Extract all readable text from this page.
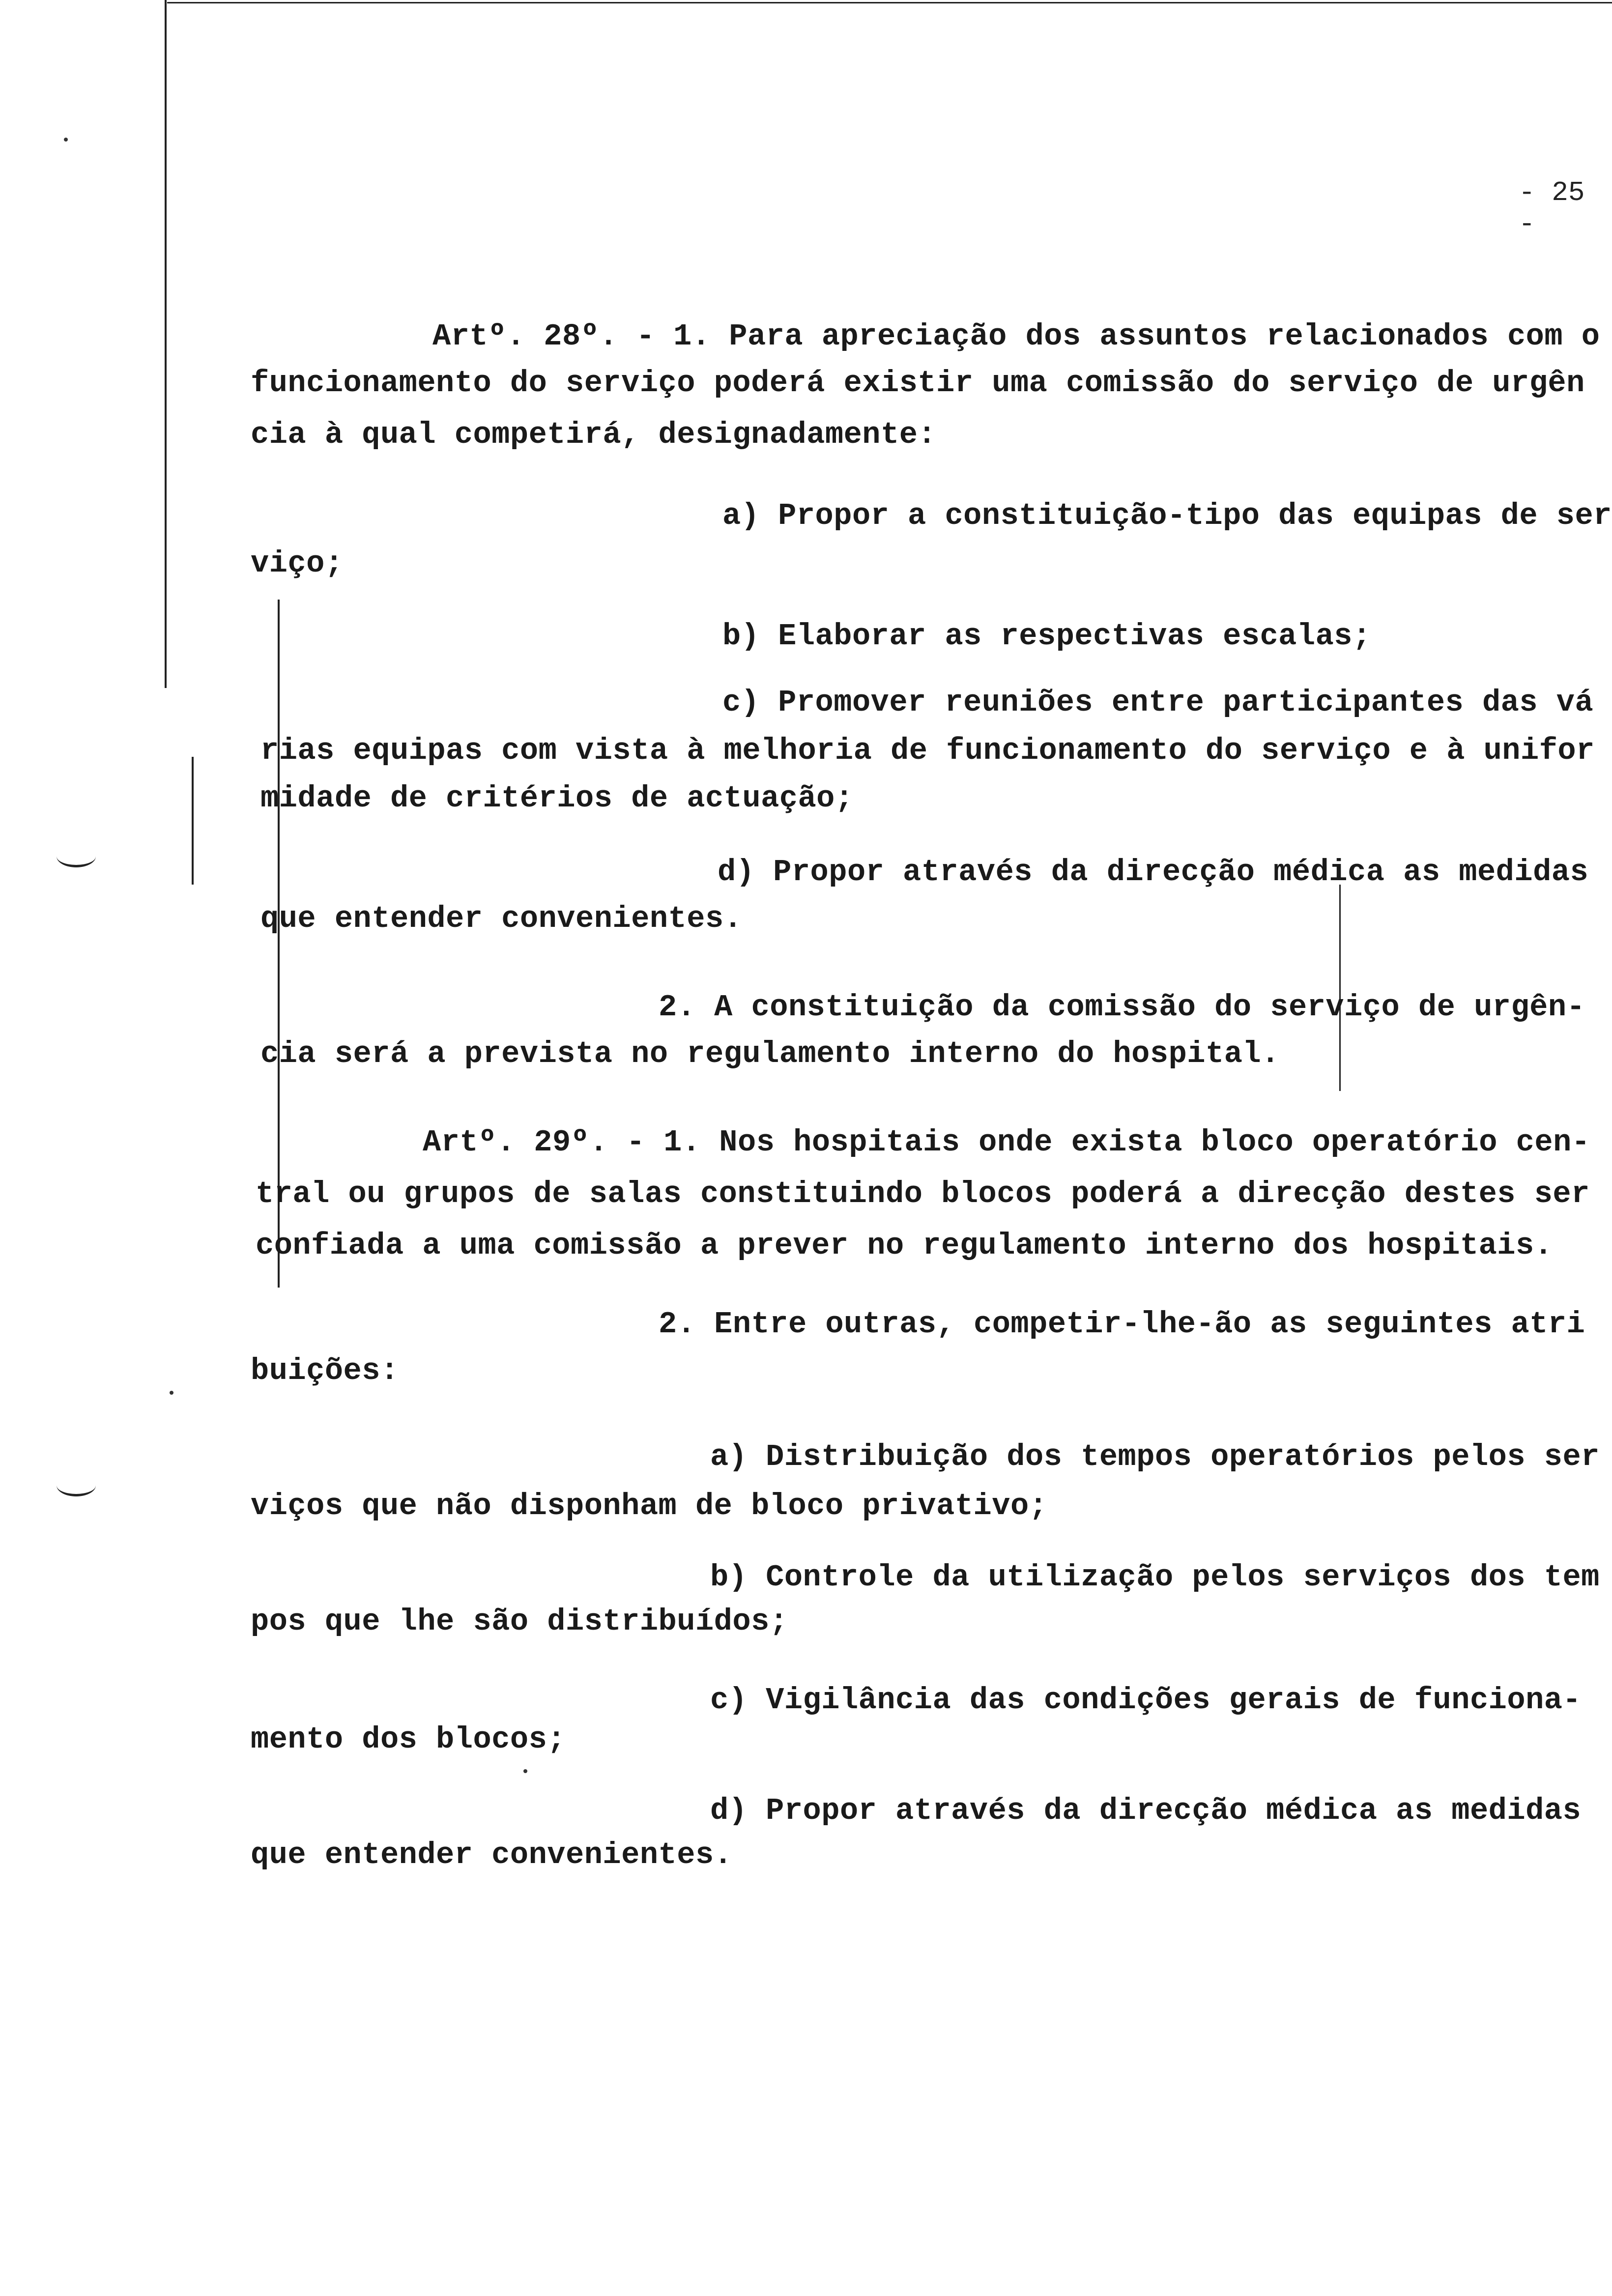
- 25 -
Artº. 28º. - 1. Para apreciação dos assuntos relacionados com o
funcionamento do serviço poderá existir uma comissão do serviço de urgên
cia à qual competirá, designadamente:
a) Propor a constituição-tipo das equipas de ser
viço;
b) Elaborar as respectivas escalas;
c) Promover reuniões entre participantes das vá
rias equipas com vista à melhoria de funcionamento do serviço e à unifor
midade de critérios de actuação;
d) Propor através da direcção médica as medidas
que entender convenientes.
2. A constituição da comissão do serviço de urgên-
cia será a prevista no regulamento interno do hospital.
Artº. 29º. - 1. Nos hospitais onde exista bloco operatório cen-
tral ou grupos de salas constituindo blocos poderá a direcção destes ser
confiada a uma comissão a prever no regulamento interno dos hospitais.
2. Entre outras, competir-lhe-ão as seguintes atri
buições:
a) Distribuição dos tempos operatórios pelos ser
viços que não disponham de bloco privativo;
b) Controle da utilização pelos serviços dos tem
pos que lhe são distribuídos;
c) Vigilância das condições gerais de funciona-
mento dos blocos;
d) Propor através da direcção médica as medidas
que entender convenientes.
